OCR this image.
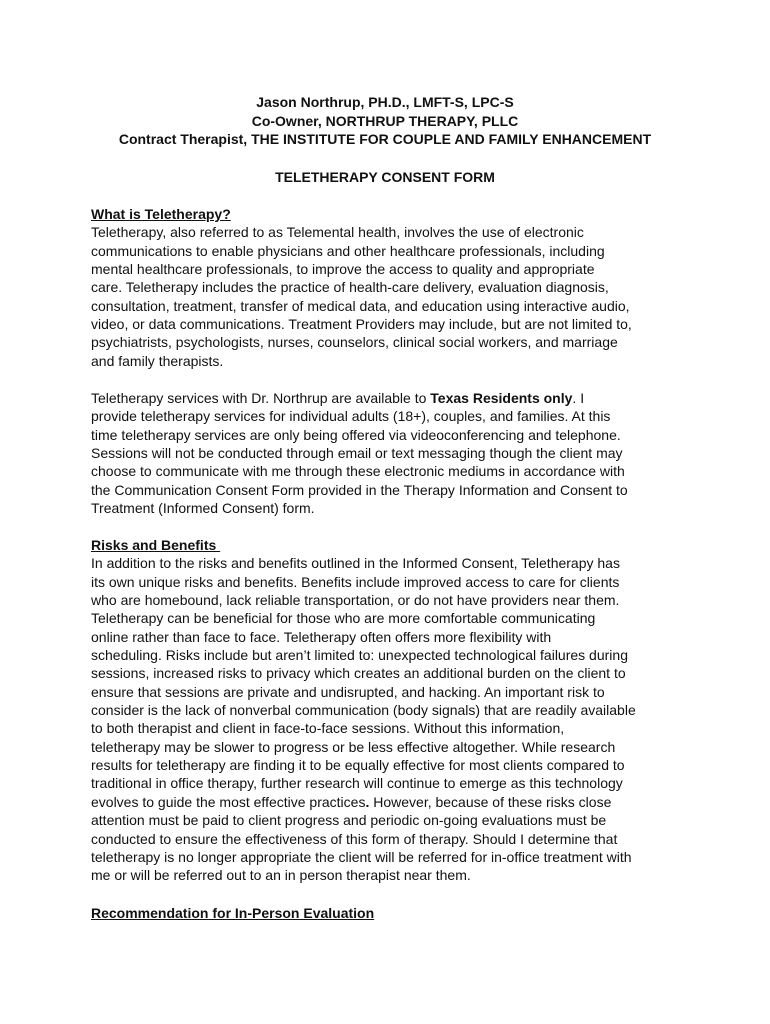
Jason Northrup, PH.D., LMFT-S, LPC-S
Co-Owner, NORTHRUP THERAPY, PLLC
Contract Therapist, THE INSTITUTE FOR COUPLE AND FAMILY ENHANCEMENT
TELETHERAPY CONSENT FORM
What is Teletherapy?
Teletherapy, also referred to as Telemental health, involves the use of electronic
communications to enable physicians and other healthcare professionals, including
mental healthcare professionals, to improve the access to quality and appropriate
care. Teletherapy includes the practice of health-care delivery, evaluation diagnosis,
consultation, treatment, transfer of medical data, and education using interactive audio,
video, or data communications. Treatment Providers may include, but are not limited to,
psychiatrists, psychologists, nurses, counselors, clinical social workers, and marriage
and family therapists.
Teletherapy services with Dr. Northrup are available to Texas Residents only. I
provide teletherapy services for individual adults (18+), couples, and families. At this
time teletherapy services are only being offered via videoconferencing and telephone.
Sessions will not be conducted through email or text messaging though the client may
choose to communicate with me through these electronic mediums in accordance with
the Communication Consent Form provided in the Therapy Information and Consent to
Treatment (Informed Consent) form.
Risks and Benefits
In addition to the risks and benefits outlined in the Informed Consent, Teletherapy has
its own unique risks and benefits. Benefits include improved access to care for clients
who are homebound, lack reliable transportation, or do not have providers near them.
Teletherapy can be beneficial for those who are more comfortable communicating
online rather than face to face. Teletherapy often offers more flexibility with
scheduling. Risks include but aren’t limited to: unexpected technological failures during
sessions, increased risks to privacy which creates an additional burden on the client to
ensure that sessions are private and undisrupted, and hacking. An important risk to
consider is the lack of nonverbal communication (body signals) that are readily available
to both therapist and client in face-to-face sessions. Without this information,
teletherapy may be slower to progress or be less effective altogether. While research
results for teletherapy are finding it to be equally effective for most clients compared to
traditional in office therapy, further research will continue to emerge as this technology
evolves to guide the most effective practices. However, because of these risks close
attention must be paid to client progress and periodic on-going evaluations must be
conducted to ensure the effectiveness of this form of therapy. Should I determine that
teletherapy is no longer appropriate the client will be referred for in-office treatment with
me or will be referred out to an in person therapist near them.
Recommendation for In-Person Evaluation
